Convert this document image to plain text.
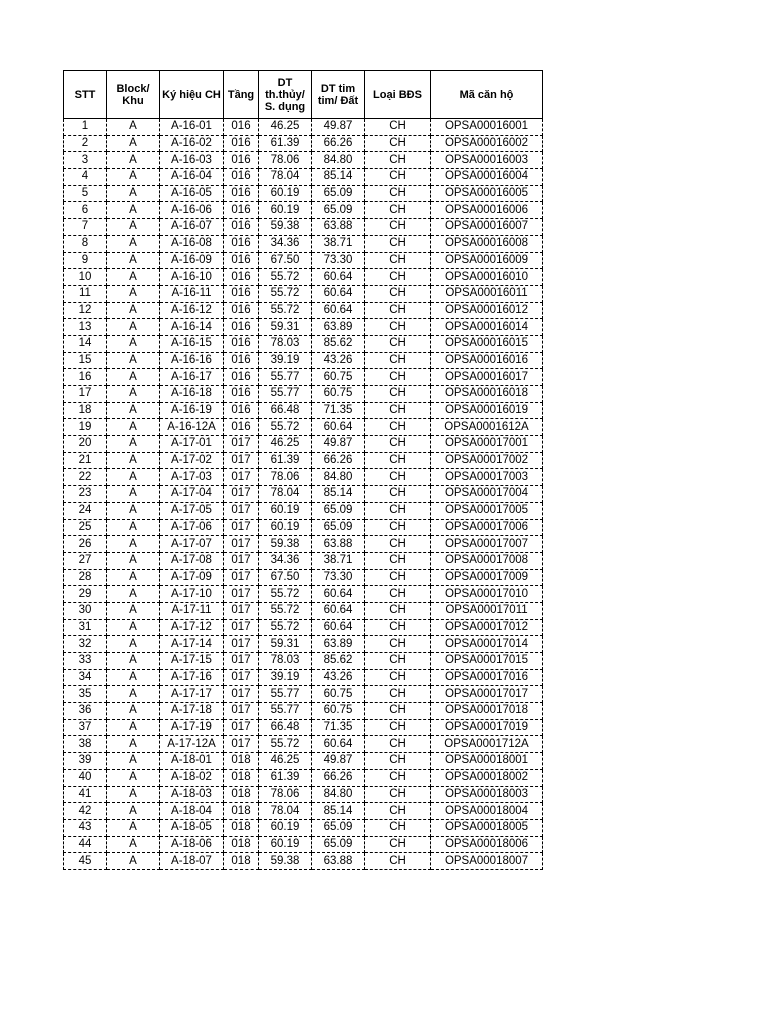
STT	Block/ Khu	Ký hiệu CH	Tầng	DT th.thủy/ S. dụng	DT tim tim/ Đất	Loại BĐS	Mã căn hộ
1	A	A-16-01	016	46.25	49.87	CH	OPSA00016001
2	A	A-16-02	016	61.39	66.26	CH	OPSA00016002
3	A	A-16-03	016	78.06	84.80	CH	OPSA00016003
4	A	A-16-04	016	78.04	85.14	CH	OPSA00016004
5	A	A-16-05	016	60.19	65.09	CH	OPSA00016005
6	A	A-16-06	016	60.19	65.09	CH	OPSA00016006
7	A	A-16-07	016	59.38	63.88	CH	OPSA00016007
8	A	A-16-08	016	34.36	38.71	CH	OPSA00016008
9	A	A-16-09	016	67.50	73.30	CH	OPSA00016009
10	A	A-16-10	016	55.72	60.64	CH	OPSA00016010
11	A	A-16-11	016	55.72	60.64	CH	OPSA00016011
12	A	A-16-12	016	55.72	60.64	CH	OPSA00016012
13	A	A-16-14	016	59.31	63.89	CH	OPSA00016014
14	A	A-16-15	016	78.03	85.62	CH	OPSA00016015
15	A	A-16-16	016	39.19	43.26	CH	OPSA00016016
16	A	A-16-17	016	55.77	60.75	CH	OPSA00016017
17	A	A-16-18	016	55.77	60.75	CH	OPSA00016018
18	A	A-16-19	016	66.48	71.35	CH	OPSA00016019
19	A	A-16-12A	016	55.72	60.64	CH	OPSA0001612A
20	A	A-17-01	017	46.25	49.87	CH	OPSA00017001
21	A	A-17-02	017	61.39	66.26	CH	OPSA00017002
22	A	A-17-03	017	78.06	84.80	CH	OPSA00017003
23	A	A-17-04	017	78.04	85.14	CH	OPSA00017004
24	A	A-17-05	017	60.19	65.09	CH	OPSA00017005
25	A	A-17-06	017	60.19	65.09	CH	OPSA00017006
26	A	A-17-07	017	59.38	63.88	CH	OPSA00017007
27	A	A-17-08	017	34.36	38.71	CH	OPSA00017008
28	A	A-17-09	017	67.50	73.30	CH	OPSA00017009
29	A	A-17-10	017	55.72	60.64	CH	OPSA00017010
30	A	A-17-11	017	55.72	60.64	CH	OPSA00017011
31	A	A-17-12	017	55.72	60.64	CH	OPSA00017012
32	A	A-17-14	017	59.31	63.89	CH	OPSA00017014
33	A	A-17-15	017	78.03	85.62	CH	OPSA00017015
34	A	A-17-16	017	39.19	43.26	CH	OPSA00017016
35	A	A-17-17	017	55.77	60.75	CH	OPSA00017017
36	A	A-17-18	017	55.77	60.75	CH	OPSA00017018
37	A	A-17-19	017	66.48	71.35	CH	OPSA00017019
38	A	A-17-12A	017	55.72	60.64	CH	OPSA0001712A
39	A	A-18-01	018	46.25	49.87	CH	OPSA00018001
40	A	A-18-02	018	61.39	66.26	CH	OPSA00018002
41	A	A-18-03	018	78.06	84.80	CH	OPSA00018003
42	A	A-18-04	018	78.04	85.14	CH	OPSA00018004
43	A	A-18-05	018	60.19	65.09	CH	OPSA00018005
44	A	A-18-06	018	60.19	65.09	CH	OPSA00018006
45	A	A-18-07	018	59.38	63.88	CH	OPSA00018007
